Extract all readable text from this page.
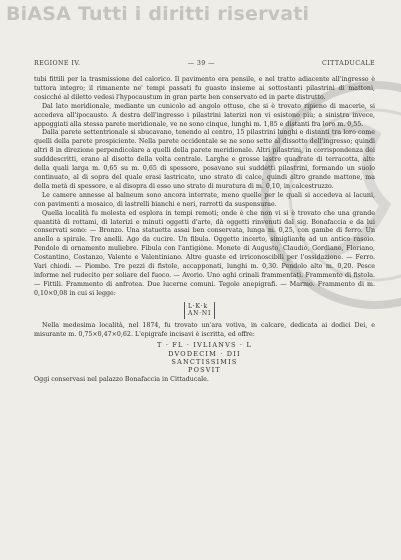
BiASA Tutti i diritti riservati
REGIONE IV.	— 39 —	CITTADUCALE

tubi fittili per la trasmissione del calorico. Il pavimento era pensile, e nel tratto adiacente all'ingresso è tuttora integro; il rimanente ne' tempi passati fu guasto insieme ai sottostanti pilastrini di mattoni, cosicché al diletto vedesi l'hypocaustum in gran parte ben conservato ed in parte distrutto.

Dal lato meridionale, mediante un cunicolo ad angolo ottuso, che si è trovato ripieno di macerie, si accedeva all'ipocausto. A destra dell'ingresso i pilastrini laterizi non vi esistono più; a sinistra invece, appoggiati alla stessa parete meridionale, ve ne sono cinque, lunghi m. 1,85 e distanti fra loro m. 0,55.

Dalla parete settentrionale si sbucavano, tenendo al centro, 15 pilastrini lunghi e distanti tra loro come quelli della parete prospiciente. Nella parete occidentale se ne sono sette al dissotto dell'ingresso; quindi altri 8 in direzione perpendicolare a quelli della parete meridionale. Altri pilastrini, in corrispondenza dei sudddescritti, erano al disotto della volta centrale. Larghe e grosse lastre quadrate di terracotta, alte della quali larga m. 0,65 su m. 0,65 di spessore, posavano sui suddetti pilastrini, formando un suolo continuato, al di sopra del quale erasi lastricato, uno strato di calce, quindi altro grande mattone, ma della metà di spessore, e al disopra di esso uno strato di muratura di m. 0,10, in calcestruzzo.

Le camere annesse al balneum sono ancora interrate, meno quelle per le quali si accedeva ai lacuni, con pavimenti a mosaico, di lastrelli bianchi e neri, rarrotti da suspensurae.

Quella località fu molesta ed esplora in tempi remoti; onde è che non vi si è trovato che una grande quantità di rottami, di laterizi e minuti oggetti d'arte, dà oggetti rinvenuti dal sig. Bonafaccia e da lui conservati sono: — Bronzo. Una statuetta assai ben conservata, lunga m. 0,25, con gambe di ferro. Un anello a spirale. Tre anelli. Ago da cucire. Un fibula. Oggetto incerto, simigliante ad un antico rasoio. Pendolo di ornamento muliebre. Fibula con l'antigiòne. Monete di Augusto, Claudio, Gordiano, Floriano, Costantino, Costanzo, Valente e Valentiniano. Altre guaste ed irriconoscibili per l'ossidazione. — Ferro. Vari chiodi. — Piombo. Tre pezzi di fistole, accapponati, lunghi m. 0,30. Pendolo alto m. 0,20. Pesce informe nel rudecito per soliare del fuoco. — Avorio. Uno aghi crinali frammentati. Frammento di fistola. — Fittili. Frammento di anfrotea. Due lucerne comuni. Tegole anepigrafi. — Marmo. Frammento di m. 0,10×0,08 in cui si legge:

L·K·k
AN·NI

Nella medesima località, nel 1874, fu trovato un'ara votiva, in calcare, dedicata ai dodici Dei, e misurante m. 0,75×0,47×0,62. L'epigrafe incisavi è iscritta, ed offre:

T · FL · IVLIANVS · L
DVODECIM · DII
SANCTISSIMIS
POSVIT

Oggi conservasi nel palazzo Bonafaccia in Cittaducale.
